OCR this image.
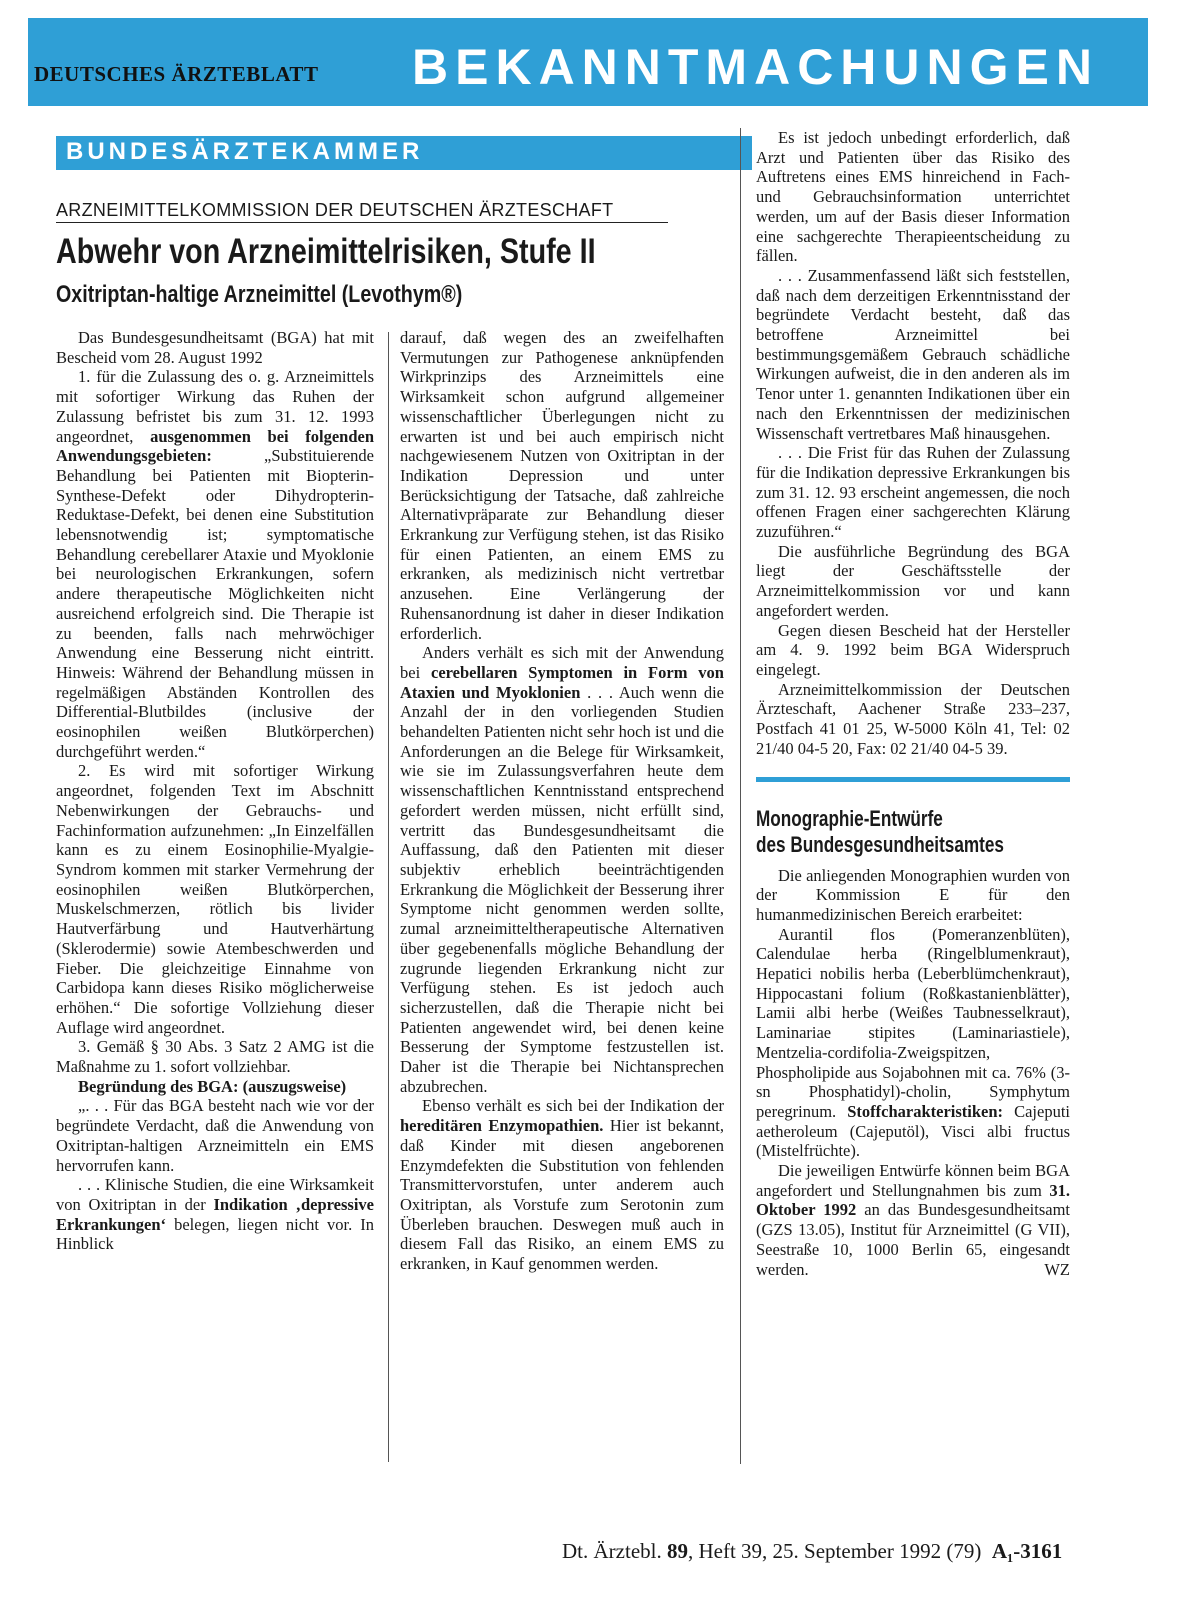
DEUTSCHES ÄRZTEBLATT BEKANNTMACHUNGEN
BUNDESÄRZTEKAMMER
ARZNEIMITTELKOMMISSION DER DEUTSCHEN ÄRZTESCHAFT
Abwehr von Arzneimittelrisiken, Stufe II
Oxitriptan-haltige Arzneimittel (Levothym®)

Das Bundesgesundheitsamt (BGA) hat mit Bescheid vom 28. August 1992

1. für die Zulassung des o. g. Arzneimittels mit sofortiger Wirkung das Ruhen der Zulassung befristet bis zum 31. 12. 1993 angeordnet, ausgenommen bei folgenden Anwendungsgebieten: „Substituierende Behandlung bei Patienten mit Biopterin-Synthese-Defekt oder Dihydropterin-Reduktase-Defekt, bei denen eine Substitution lebensnotwendig ist; symptomatische Behandlung cerebellarer Ataxie und Myoklonie bei neurologischen Erkrankungen, sofern andere therapeutische Möglichkeiten nicht ausreichend erfolgreich sind. Die Therapie ist zu beenden, falls nach mehrwöchiger Anwendung eine Besserung nicht eintritt. Hinweis: Während der Behandlung müssen in regelmäßigen Abständen Kontrollen des Differential-Blutbildes (inclusive der eosinophilen weißen Blutkörperchen) durchgeführt werden.“

2. Es wird mit sofortiger Wirkung angeordnet, folgenden Text im Abschnitt Nebenwirkungen der Gebrauchs- und Fachinformation aufzunehmen: „In Einzelfällen kann es zu einem Eosinophilie-Myalgie-Syndrom kommen mit starker Vermehrung der eosinophilen weißen Blutkörperchen, Muskelschmerzen, rötlich bis livider Hautverfärbung und Hautverhärtung (Sklerodermie) sowie Atembeschwerden und Fieber. Die gleichzeitige Einnahme von Carbidopa kann dieses Risiko möglicherweise erhöhen.“ Die sofortige Vollziehung dieser Auflage wird angeordnet.

3. Gemäß § 30 Abs. 3 Satz 2 AMG ist die Maßnahme zu 1. sofort vollziehbar.

Begründung des BGA: (auszugsweise)

„. . . Für das BGA besteht nach wie vor der begründete Verdacht, daß die Anwendung von Oxitriptan-haltigen Arzneimitteln ein EMS hervorrufen kann.

. . . Klinische Studien, die eine Wirksamkeit von Oxitriptan in der Indikation ‚depressive Erkrankungen‘ belegen, liegen nicht vor. In Hinblick

darauf, daß wegen des an zweifelhaften Vermutungen zur Pathogenese anknüpfenden Wirkprinzips des Arzneimittels eine Wirksamkeit schon aufgrund allgemeiner wissenschaftlicher Überlegungen nicht zu erwarten ist und bei auch empirisch nicht nachgewiesenem Nutzen von Oxitriptan in der Indikation Depression und unter Berücksichtigung der Tatsache, daß zahlreiche Alternativpräparate zur Behandlung dieser Erkrankung zur Verfügung stehen, ist das Risiko für einen Patienten, an einem EMS zu erkranken, als medizinisch nicht vertretbar anzusehen. Eine Verlängerung der Ruhensanordnung ist daher in dieser Indikation erforderlich.

Anders verhält es sich mit der Anwendung bei cerebellaren Symptomen in Form von Ataxien und Myoklonien . . . Auch wenn die Anzahl der in den vorliegenden Studien behandelten Patienten nicht sehr hoch ist und die Anforderungen an die Belege für Wirksamkeit, wie sie im Zulassungsverfahren heute dem wissenschaftlichen Kenntnisstand entsprechend gefordert werden müssen, nicht erfüllt sind, vertritt das Bundesgesundheitsamt die Auffassung, daß den Patienten mit dieser subjektiv erheblich beeinträchtigenden Erkrankung die Möglichkeit der Besserung ihrer Symptome nicht genommen werden sollte, zumal arzneimitteltherapeutische Alternativen über gegebenenfalls mögliche Behandlung der zugrunde liegenden Erkrankung nicht zur Verfügung stehen. Es ist jedoch auch sicherzustellen, daß die Therapie nicht bei Patienten angewendet wird, bei denen keine Besserung der Symptome festzustellen ist. Daher ist die Therapie bei Nichtansprechen abzubrechen.

Ebenso verhält es sich bei der Indikation der hereditären Enzymopathien. Hier ist bekannt, daß Kinder mit diesen angeborenen Enzymdefekten die Substitution von fehlenden Transmittervorstufen, unter anderem auch Oxitriptan, als Vorstufe zum Serotonin zum Überleben brauchen. Deswegen muß auch in diesem Fall das Risiko, an einem EMS zu erkranken, in Kauf genommen werden.

Es ist jedoch unbedingt erforderlich, daß Arzt und Patienten über das Risiko des Auftretens eines EMS hinreichend in Fach- und Gebrauchsinformation unterrichtet werden, um auf der Basis dieser Information eine sachgerechte Therapieentscheidung zu fällen.

. . . Zusammenfassend läßt sich feststellen, daß nach dem derzeitigen Erkenntnisstand der begründete Verdacht besteht, daß das betroffene Arzneimittel bei bestimmungsgemäßem Gebrauch schädliche Wirkungen aufweist, die in den anderen als im Tenor unter 1. genannten Indikationen über ein nach den Erkenntnissen der medizinischen Wissenschaft vertretbares Maß hinausgehen.

. . . Die Frist für das Ruhen der Zulassung für die Indikation depressive Erkrankungen bis zum 31. 12. 93 erscheint angemessen, die noch offenen Fragen einer sachgerechten Klärung zuzuführen.“

Die ausführliche Begründung des BGA liegt der Geschäftsstelle der Arzneimittelkommission vor und kann angefordert werden.

Gegen diesen Bescheid hat der Hersteller am 4. 9. 1992 beim BGA Widerspruch eingelegt.

Arzneimittelkommission der Deutschen Ärzteschaft, Aachener Straße 233–237, Postfach 41 01 25, W-5000 Köln 41, Tel: 02 21/40 04-5 20, Fax: 02 21/40 04-5 39.

Monographie-Entwürfe
des Bundesgesundheitsamtes

Die anliegenden Monographien wurden von der Kommission E für den humanmedizinischen Bereich erarbeitet:

Aurantil flos (Pomeranzenblüten), Calendulae herba (Ringelblumenkraut), Hepatici nobilis herba (Leberblümchenkraut), Hippocastani folium (Roßkastanienblätter), Lamii albi herbe (Weißes Taubnesselkraut), Laminariae stipites (Laminariastiele), Mentzelia-cordifolia-Zweigspitzen, Phospholipide aus Sojabohnen mit ca. 76% (3-sn Phosphatidyl)-cholin, Symphytum peregrinum. Stoffcharakteristiken: Cajeputi aetheroleum (Cajeputöl), Visci albi fructus (Mistelfrüchte).

Die jeweiligen Entwürfe können beim BGA angefordert und Stellungnahmen bis zum 31. Oktober 1992 an das Bundesgesundheitsamt (GZS 13.05), Institut für Arzneimittel (G VII), Seestraße 10, 1000 Berlin 65, eingesandt werden.	WZ

Dt. Ärztebl. 89, Heft 39, 25. September 1992 (79) A₁-3161
